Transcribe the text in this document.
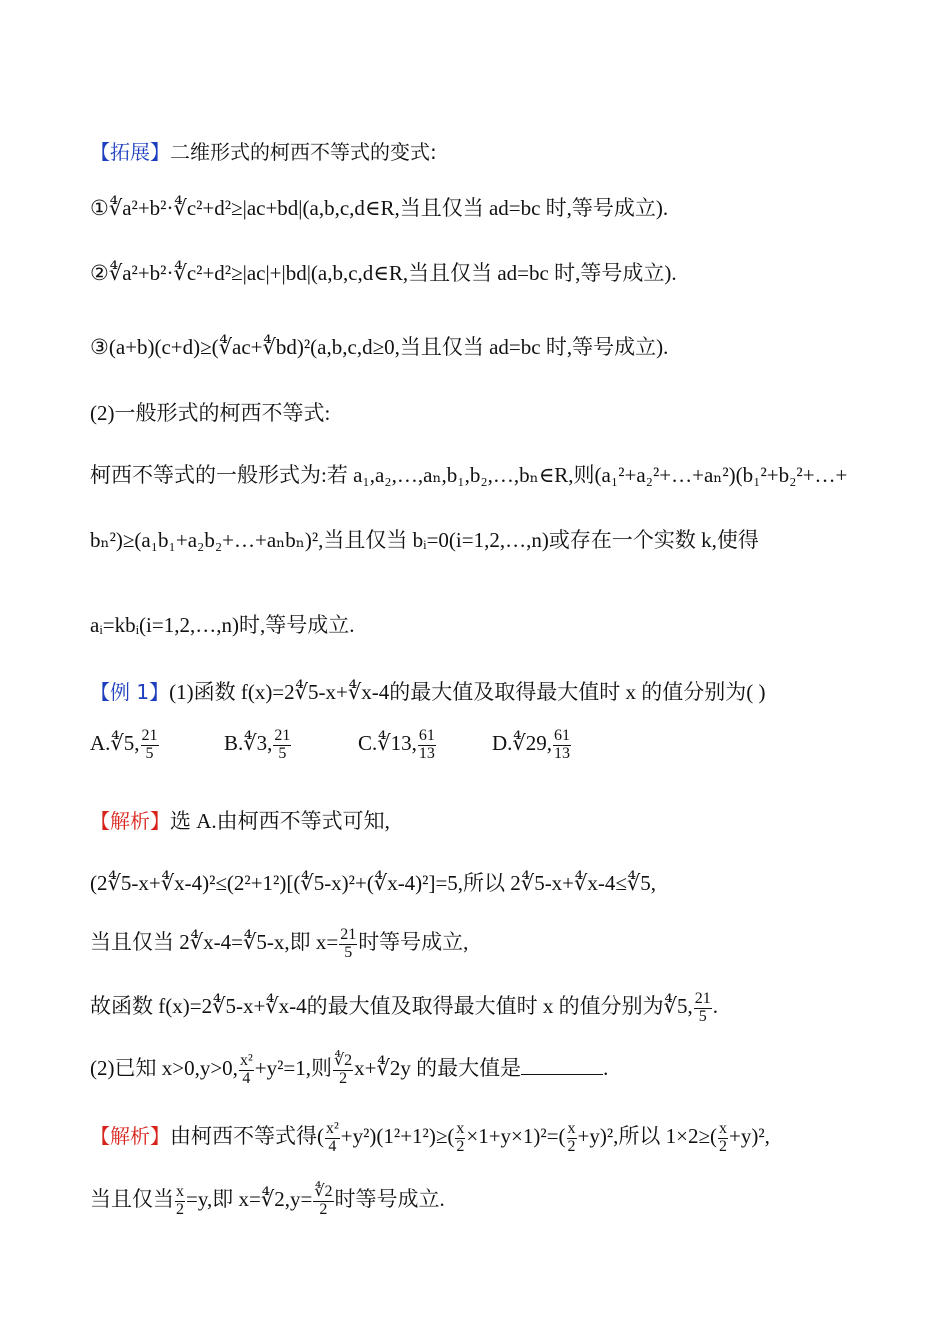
【拓展】二维形式的柯西不等式的变式:
①∜a²+b²·∜c²+d²≥|ac+bd|(a,b,c,d∈R,当且仅当 ad=bc 时,等号成立).
②∜a²+b²·∜c²+d²≥|ac|+|bd|(a,b,c,d∈R,当且仅当 ad=bc 时,等号成立).
③(a+b)(c+d)≥(∜ac+∜bd)²(a,b,c,d≥0,当且仅当 ad=bc 时,等号成立).
(2)一般形式的柯西不等式:
柯西不等式的一般形式为:若 a₁,a₂,…,aₙ,b₁,b₂,…,bₙ∈R,则(a₁²+a₂²+…+aₙ²)(b₁²+b₂²+…+
bₙ²)≥(a₁b₁+a₂b₂+…+aₙbₙ)²,当且仅当 bᵢ=0(i=1,2,…,n)或存在一个实数 k,使得
aᵢ=kbᵢ(i=1,2,…,n)时,等号成立.
【例 1】(1)函数 f(x)=2∜5-x+∜x-4的最大值及取得最大值时 x 的值分别为( )
A.∜5, $\frac{21}{5}$	B.∜3, $\frac{21}{5}$	C.∜13, $\frac{61}{13}$	D.∜29, $\frac{61}{13}$
【解析】选 A.由柯西不等式可知,
(2∜5-x+∜x-4)²≤(2²+1²)[(∜5-x)²+(∜x-4)²]=5,所以 2∜5-x+∜x-4≤∜5,
当且仅当 2∜x-4=∜5-x,即 $x= \frac{21}{5}$ 时等号成立,
故函数 f(x)=2∜5-x+∜x-4的最大值及取得最大值时 x 的值分别为∜5, $\frac{21}{5}$ .
(2)已知 x>0,y>0, $\frac{\text{x²}}{4} +y^2=1$,则 $\frac{∜2}{2}$ x+∜2y 的最大值是	.
【解析】由柯西不等式得( $\frac{\text{x²}}{4} +y^2)(1^2+1^2)\ge( \frac{x}{2} \times 1+y\times 1)^2=( \frac{x}{2} +y)^2$,所以 $1\times 2\ge( \frac{x}{2} +y)^2$,
当且仅当 $\frac{x}{2} =y$,即 x=∜2,y= $\frac{∜2}{2}$ 时等号成立.
